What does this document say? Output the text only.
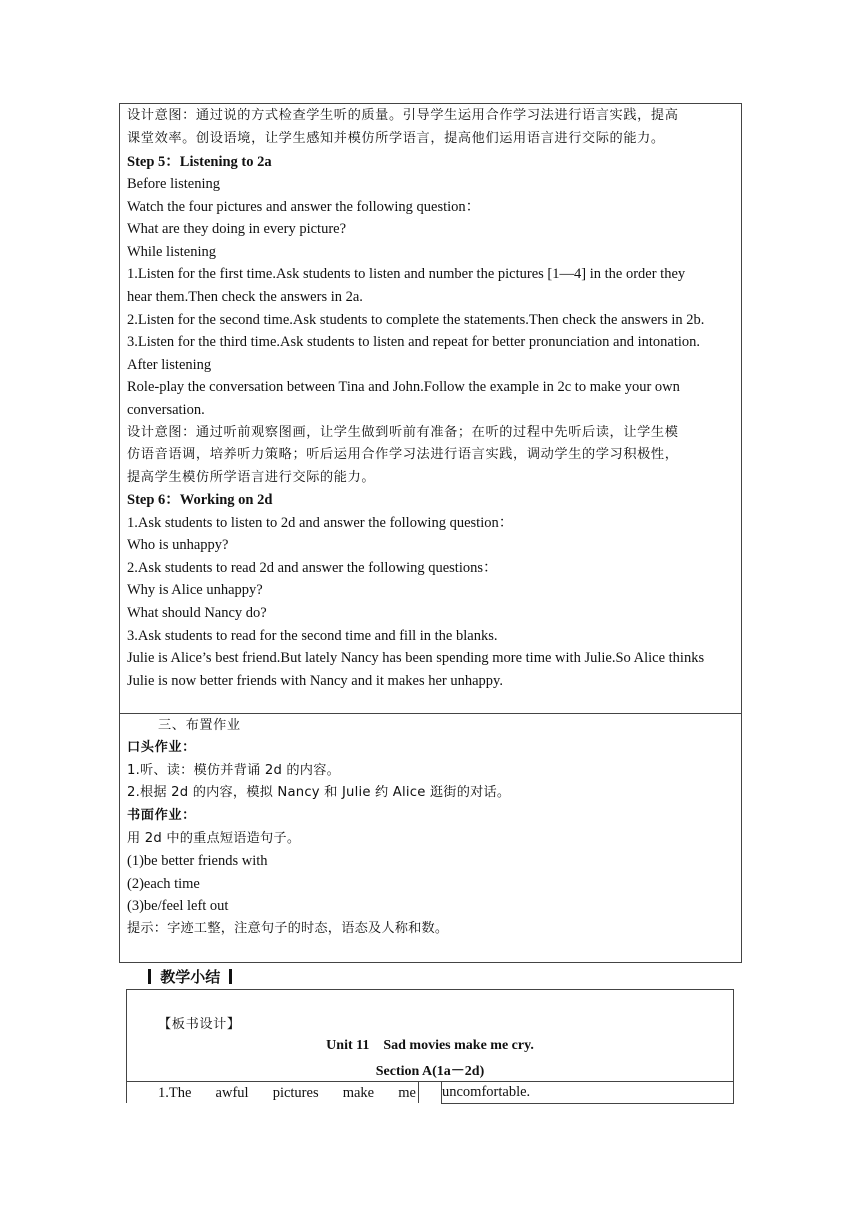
设计意图：通过说的方式检查学生听的质量。引导学生运用合作学习法进行语言实践，提高
课堂效率。创设语境，让学生感知并模仿所学语言，提高他们运用语言进行交际的能力。
Step 5：Listening to 2a
Before listening
Watch the four pictures and answer the following question：
What are they doing in every picture?
While listening
1.Listen for the first time.Ask students to listen and number the pictures [1—4] in the order they
hear them.Then check the answers in 2a.
2.Listen for the second time.Ask students to complete the statements.Then check the answers in 2b.
3.Listen for the third time.Ask students to listen and repeat for better pronunciation and intonation.
After listening
Role-play the conversation between Tina and John.Follow the example in 2c to make your own
conversation.
设计意图：通过听前观察图画，让学生做到听前有准备；在听的过程中先听后读，让学生模
仿语音语调，培养听力策略；听后运用合作学习法进行语言实践，调动学生的学习积极性，
提高学生模仿所学语言进行交际的能力。
Step 6：Working on 2d
1.Ask students to listen to 2d and answer the following question：
Who is unhappy?
2.Ask students to read 2d and answer the following questions：
Why is Alice unhappy?
What should Nancy do?
3.Ask students to read for the second time and fill in the blanks.
Julie is Alice’s best friend.But lately Nancy has been spending more time with Julie.So Alice thinks
Julie is now better friends with Nancy and it makes her unhappy.
三、布置作业
口头作业：
1.听、读：模仿并背诵 2d 的内容。
2.根据 2d 的内容，模拟 Nancy 和 Julie 约 Alice 逛街的对话。
书面作业：
用 2d 中的重点短语造句子。
(1)be better friends with
(2)each time
(3)be/feel left out
提示：字迹工整，注意句子的时态，语态及人称和数。
教学小结
【板书设计】
Unit 11    Sad movies make me cry.
Section A(1a－2d)
1.The awful pictures make me uncomfortable.
